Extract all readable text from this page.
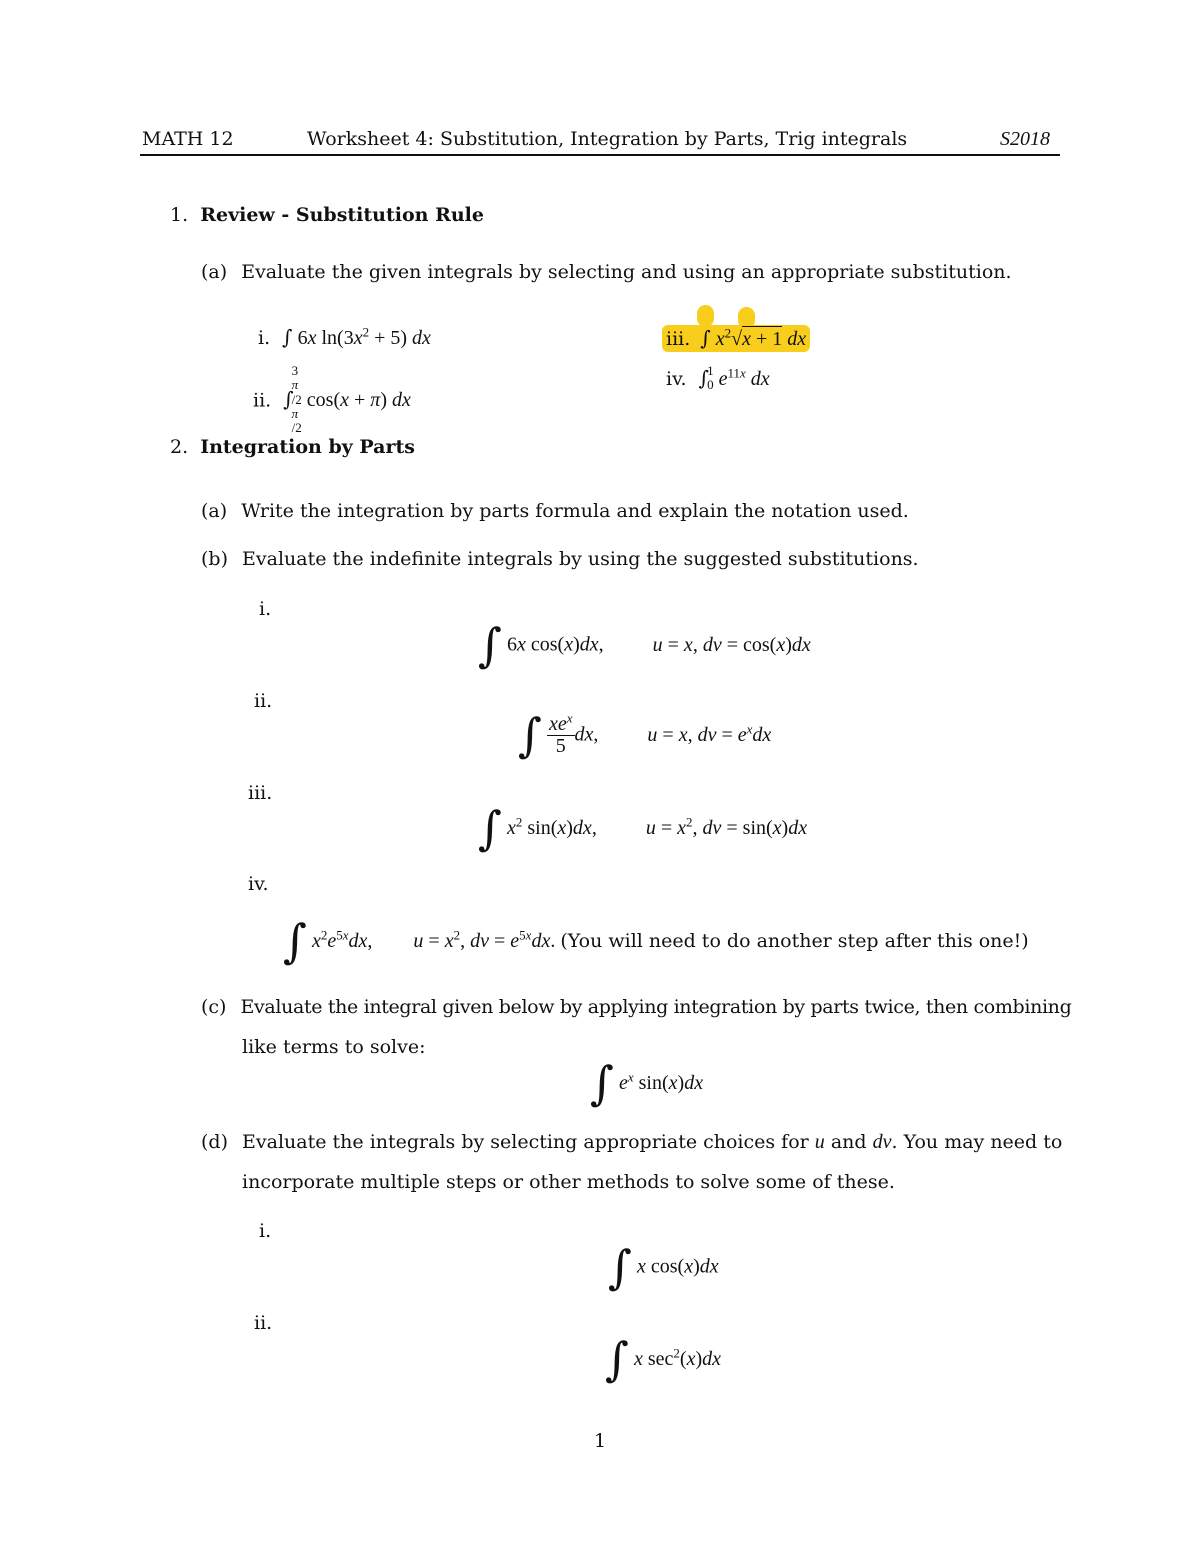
MATH 12	Worksheet 4: Substitution, Integration by Parts, Trig integrals	S2018
1. Review - Substitution Rule
(a) Evaluate the given integrals by selecting and using an appropriate substitution.
i. ∫ 6x $\ln(3x^2 + 5)$ dx
ii. ∫
3
π
/2
π
/2
cos(x + π) dx
iii. ∫ $x^2√x + 1$ dx
iv. ∫
1
0 $e^{11x}$ dx
2. Integration by Parts
(a) Write the integration by parts formula and explain the notation used.
(b) Evaluate the indefinite integrals by using the suggested substitutions.
i.
∫ 6x cos(x)dx, u = x, dv = cos(x)dx
ii.
∫ $\frac{xe^x}{5}$ dx, u = x, dv = $e^xdx$
iii.
∫ $x^2$ sin(x)dx, $u = x^2$, dv = sin(x)dx
iv.
∫ $x^2e^{5x}dx$, $u = x^2$, dv = $e^{5x}dx$. (You will need to do another step after this one!)
(c) Evaluate the integral given below by applying integration by parts twice, then combining
like terms to solve:
∫ $e^x$ sin(x)dx
(d) Evaluate the integrals by selecting appropriate choices for u and dv. You may need to
incorporate multiple steps or other methods to solve some of these.
i.
∫ x cos(x)dx
ii.
∫ x $\sec^2(x)dx$
1
